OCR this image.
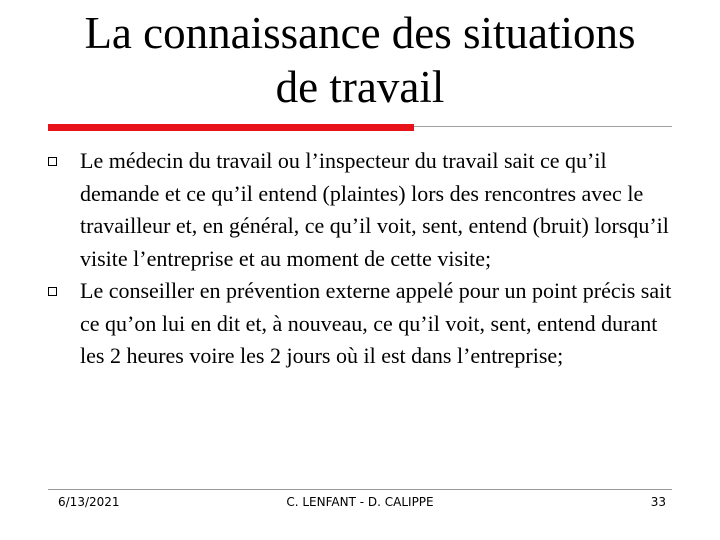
La connaissance des situations
de travail
Le médecin du travail ou l’inspecteur du travail sait ce qu’il demande et ce qu’il entend (plaintes) lors des rencontres avec le travailleur et, en général, ce qu’il voit, sent, entend (bruit) lorsqu’il visite l’entreprise et au moment de cette visite;
Le conseiller en prévention externe appelé pour un point précis sait ce qu’on lui en dit et, à nouveau, ce qu’il voit, sent, entend durant les 2 heures voire les 2 jours où il est dans l’entreprise;
6/13/2021	C. LENFANT - D. CALIPPE	33
